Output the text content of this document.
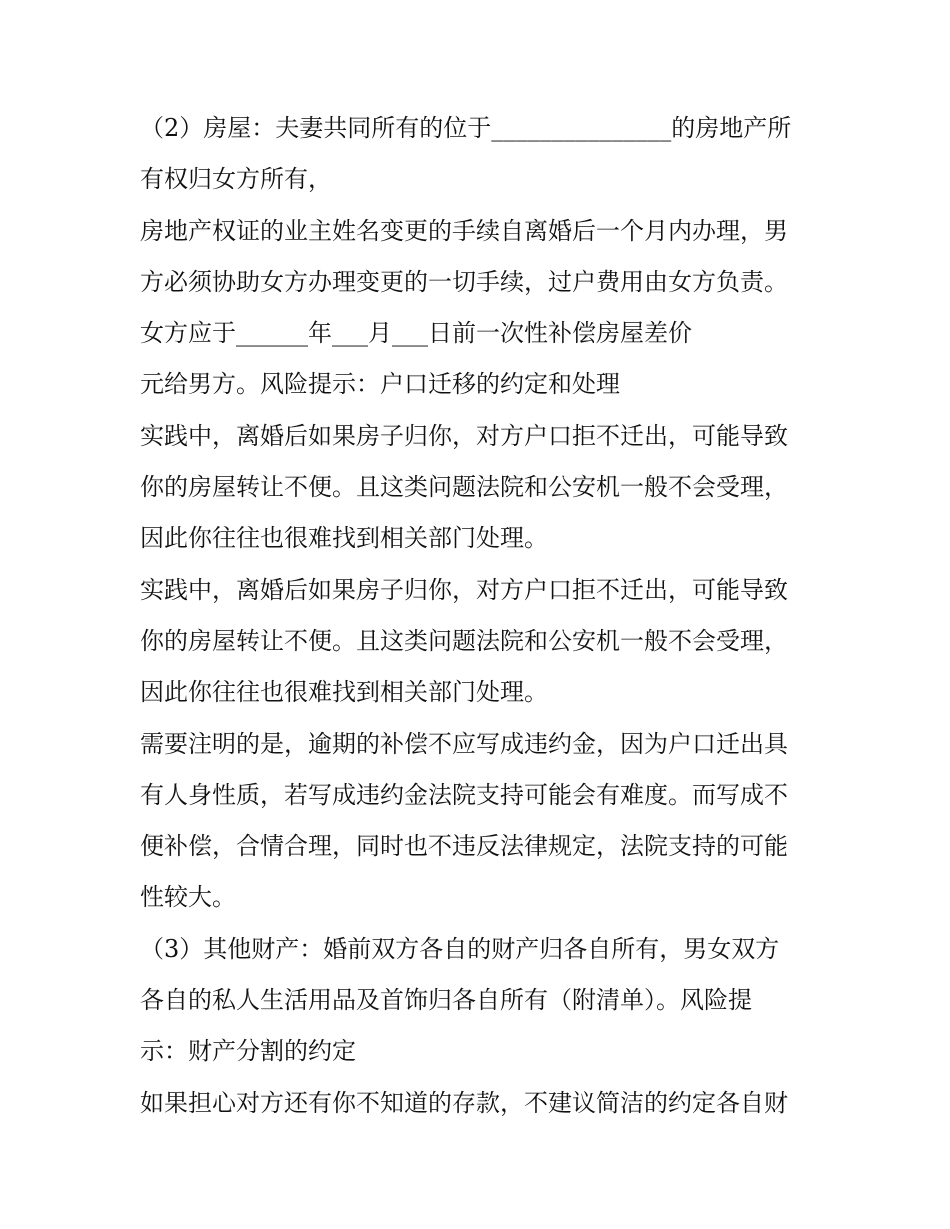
（2）房屋：夫妻共同所有的位于_______________的房地产所
有权归女方所有，
房地产权证的业主姓名变更的手续自离婚后一个月内办理，男
方必须协助女方办理变更的一切手续，过户费用由女方负责。
女方应于______年___月___日前一次性补偿房屋差价
元给男方。风险提示：户口迁移的约定和处理
实践中，离婚后如果房子归你，对方户口拒不迁出，可能导致
你的房屋转让不便。且这类问题法院和公安机一般不会受理，
因此你往往也很难找到相关部门处理。
实践中，离婚后如果房子归你，对方户口拒不迁出，可能导致
你的房屋转让不便。且这类问题法院和公安机一般不会受理，
因此你往往也很难找到相关部门处理。
需要注明的是，逾期的补偿不应写成违约金，因为户口迁出具
有人身性质，若写成违约金法院支持可能会有难度。而写成不
便补偿，合情合理，同时也不违反法律规定，法院支持的可能
性较大。
（3）其他财产：婚前双方各自的财产归各自所有，男女双方
各自的私人生活用品及首饰归各自所有（附清单）。风险提
示：财产分割的约定
如果担心对方还有你不知道的存款，不建议简洁的约定各自财
